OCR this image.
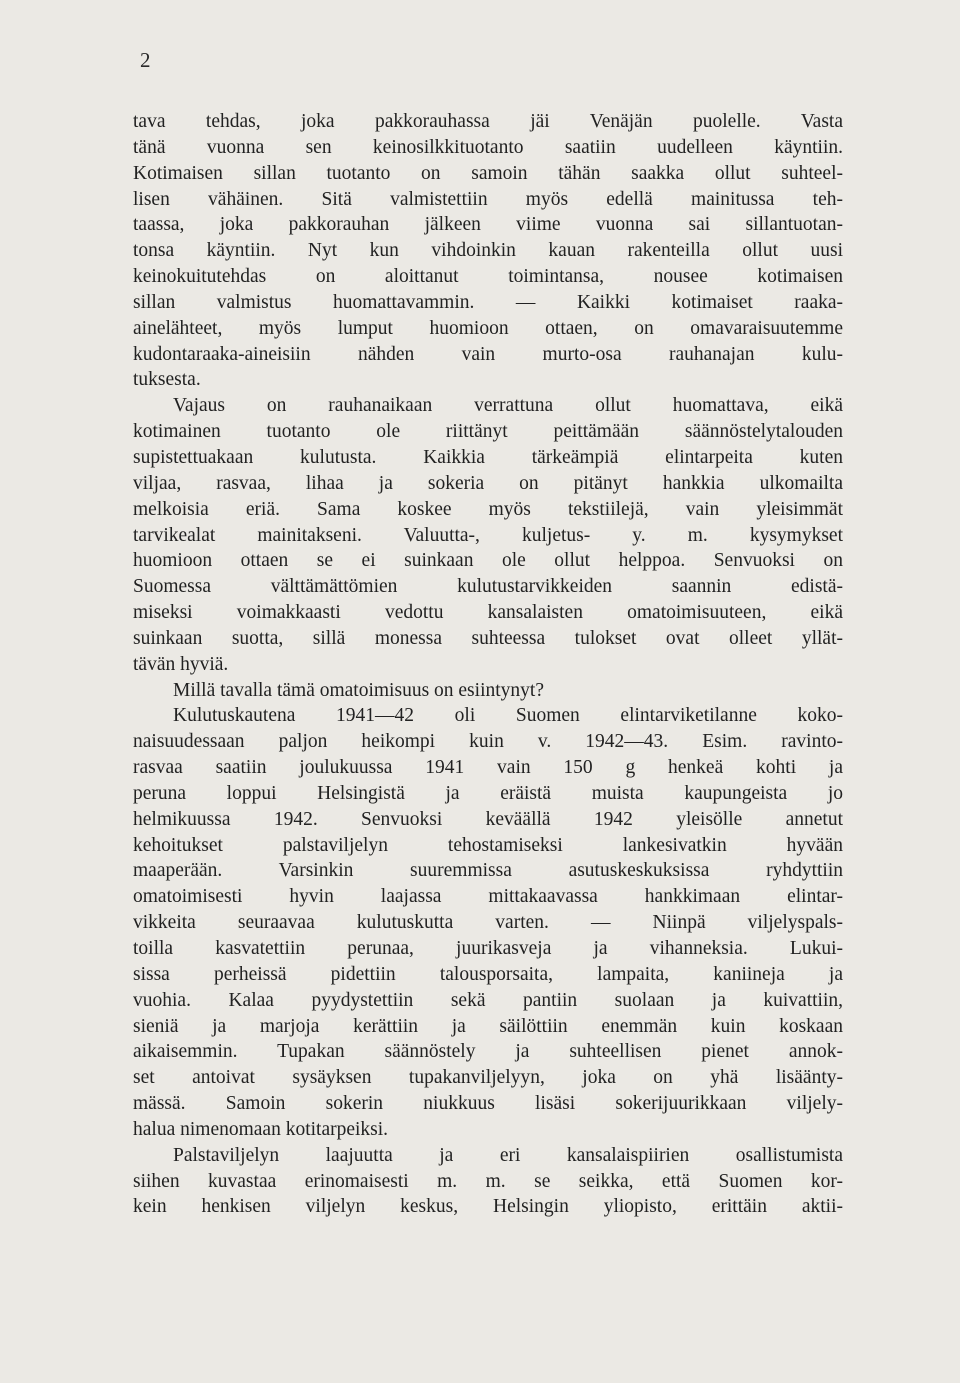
2
tava tehdas, joka pakkorauhassa jäi Venäjän puolelle. Vasta
tänä vuonna sen keinosilkkituotanto saatiin uudelleen käyntiin.
Kotimaisen sillan tuotanto on samoin tähän saakka ollut suhteel-
lisen vähäinen. Sitä valmistettiin myös edellä mainitussa teh-
taassa, joka pakkorauhan jälkeen viime vuonna sai sillantuotan-
tonsa käyntiin. Nyt kun vihdoinkin kauan rakenteilla ollut uusi
keinokuitutehdas on aloittanut toimintansa, nousee kotimaisen
sillan valmistus huomattavammin. — Kaikki kotimaiset raaka-
ainelähteet, myös lumput huomioon ottaen, on omavaraisuutemme
kudontaraaka-aineisiin nähden vain murto-osa rauhanajan kulu-
tuksesta.
Vajaus on rauhanaikaan verrattuna ollut huomattava, eikä
kotimainen tuotanto ole riittänyt peittämään säännöstelytalouden
supistettuakaan kulutusta. Kaikkia tärkeämpiä elintarpeita kuten
viljaa, rasvaa, lihaa ja sokeria on pitänyt hankkia ulkomailta
melkoisia eriä. Sama koskee myös tekstiilejä, vain yleisimmät
tarvikealat mainitakseni. Valuutta-, kuljetus- y. m. kysymykset
huomioon ottaen se ei suinkaan ole ollut helppoa. Senvuoksi on
Suomessa välttämättömien kulutustarvikkeiden saannin edistä-
miseksi voimakkaasti vedottu kansalaisten omatoimisuuteen, eikä
suinkaan suotta, sillä monessa suhteessa tulokset ovat olleet yllät-
tävän hyviä.
Millä tavalla tämä omatoimisuus on esiintynyt?
Kulutuskautena 1941—42 oli Suomen elintarviketilanne koko-
naisuudessaan paljon heikompi kuin v. 1942—43. Esim. ravinto-
rasvaa saatiin joulukuussa 1941 vain 150 g henkeä kohti ja
peruna loppui Helsingistä ja eräistä muista kaupungeista jo
helmikuussa 1942. Senvuoksi keväällä 1942 yleisölle annetut
kehoitukset palstaviljelyn tehostamiseksi lankesivatkin hyvään
maaperään. Varsinkin suuremmissa asutuskeskuksissa ryhdyttiin
omatoimisesti hyvin laajassa mittakaavassa hankkimaan elintar-
vikkeita seuraavaa kulutuskutta varten. — Niinpä viljelyspals-
toilla kasvatettiin perunaa, juurikasveja ja vihanneksia. Lukui-
sissa perheissä pidettiin talousporsaita, lampaita, kaniineja ja
vuohia. Kalaa pyydystettiin sekä pantiin suolaan ja kuivattiin,
sieniä ja marjoja kerättiin ja säilöttiin enemmän kuin koskaan
aikaisemmin. Tupakan säännöstely ja suhteellisen pienet annok-
set antoivat sysäyksen tupakanviljelyyn, joka on yhä lisäänty-
mässä. Samoin sokerin niukkuus lisäsi sokerijuurikkaan viljely-
halua nimenomaan kotitarpeiksi.
Palstaviljelyn laajuutta ja eri kansalaispiirien osallistumista
siihen kuvastaa erinomaisesti m. m. se seikka, että Suomen kor-
kein henkisen viljelyn keskus, Helsingin yliopisto, erittäin aktii-
